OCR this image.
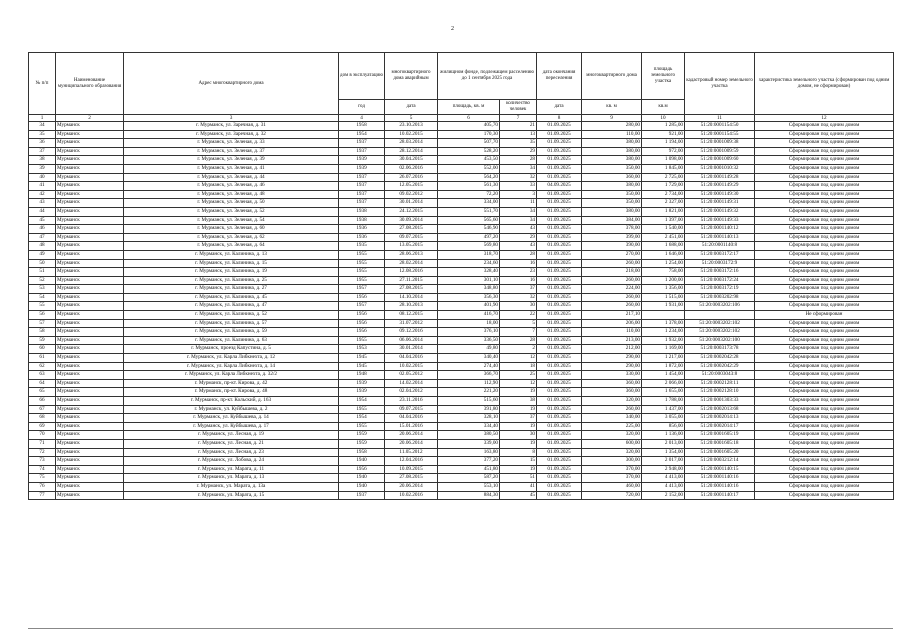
2
№ п/п	Наименование муниципального образования	Адрес многоквартирного дома	дом в эксплуатацию	многоквартирного дома аварийным	жилищном фонде, подлежащем расселению до 1 сентября 2025 года		дата окончания переселения	многоквартирного дома	площадь земельного участка	кадастровый номер земельного участка	характеристика земельного участка (сформирован под одним домом, не сформирован)
			год	дата	площадь, кв. м	количество человек	дата	кв. м	кв.м		
1	2	3	4	5	6	7	8	9	10	11	12
34	Мурманск	г. Мурманск, ул. Заречная, д. 31	1958	23.10.2013	405,70	21	01.09.2025	280,00	1 285,00	51:20:0001154:50	Сформирован под одним домом
35	Мурманск	г. Мурманск, ул. Заречная, д. 32	1954	10.02.2015	170,30	13	01.09.2025	110,00	921,00	51:20:0001154:55	Сформирован под одним домом
36	Мурманск	г. Мурманск, ул. Зеленая, д. 33	1937	28.03.2014	507,70	35	01.09.2025	380,00	1 194,00	51:20:0001009:38	Сформирован под одним домом
37	Мурманск	г. Мурманск, ул. Зеленая, д. 37	1937	28.12.2014	528,20	29	01.09.2025	380,00	972,00	51:20:0001009:59	Сформирован под одним домом
38	Мурманск	г. Мурманск, ул. Зеленая, д. 39	1939	30.04.2015	453,50	28	01.09.2025	380,00	1 098,00	51:20:0001009:60	Сформирован под одним домом
39	Мурманск	г. Мурманск, ул. Зеленая, д. 41	1939	02.06.2016	552,00	34	01.09.2025	350,00	1 845,00	51:20:0001010:32	Сформирован под одним домом
40	Мурманск	г. Мурманск, ул. Зеленая, д. 44	1937	26.07.2016	564,20	32	01.09.2025	360,00	2 725,00	51:20:0001149:28	Сформирован под одним домом
41	Мурманск	г. Мурманск, ул. Зеленая, д. 46	1937	12.05.2015	561,30	33	04.09.2025	380,00	1 729,00	51:20:0001149:29	Сформирован под одним домом
42	Мурманск	г. Мурманск, ул. Зеленая, д. 48	1937	09.02.2012	72,20	3	01.09.2025	350,00	2 734,00	51:20:0001149:30	Сформирован под одним домом
43	Мурманск	г. Мурманск, ул. Зеленая, д. 50	1937	30.01.2014	334,00	11	01.09.2025	350,00	2 327,00	51:20:0001149:31	Сформирован под одним домом
44	Мурманск	г. Мурманск, ул. Зеленая, д. 52	1938	24.12.2015	551,70	34	01.09.2025	380,00	1 821,00	51:20:0001149:32	Сформирован под одним домом
45	Мурманск	г. Мурманск, ул. Зеленая, д. 54	1938	30.09.2014	565,60	34	01.09.2025	384,00	1 397,00	51:20:0001149:33	Сформирован под одним домом
46	Мурманск	г. Мурманск, ул. Зеленая, д. 60	1936	27.08.2015	546,90	43	01.09.2025	378,00	1 540,00	51:20:0001140:12	Сформирован под одним домом
47	Мурманск	г. Мурманск, ул. Зеленая, д. 62	1936	09.07.2015	497,20	29	01.09.2025	399,00	2 451,00	51:20:0001140:13	Сформирован под одним домом
48	Мурманск	г. Мурманск, ул. Зеленая, д. 64	1935	13.05.2015	569,80	43	01.09.2025	390,00	1 688,00	51:20:0001140:8	Сформирован под одним домом
49	Мурманск	г. Мурманск, ул. Калинина, д. 13	1955	28.06.2013	318,70	28	01.09.2025	270,00	1 646,00	51:20:0003172:17	Сформирован под одним домом
50	Мурманск	г. Мурманск, ул. Калинина, д. 15	1955	28.02.2014	234,60	16	01.09.2025	260,00	1 254,00	51:20:0003172:9	Сформирован под одним домом
51	Мурманск	г. Мурманск, ул. Калинина, д. 19	1955	12.08.2016	328,40	23	01.09.2025	218,00	758,00	51:20:0003172:16	Сформирован под одним домом
52	Мурманск	г. Мурманск, ул. Калинина, д. 25	1955	27.11.2015	301,10	16	01.09.2025	260,00	1 200,00	51:20:0003172:24	Сформирован под одним домом
53	Мурманск	г. Мурманск, ул. Калинина, д. 27	1957	27.08.2015	348,80	37	01.09.2025	224,00	1 356,00	51:20:0003172:19	Сформирован под одним домом
54	Мурманск	г. Мурманск, ул. Калинина, д. 45	1956	14.10.2014	356,30	32	01.09.2025	260,00	1 515,00	51:20:0003202:98	Сформирован под одним домом
55	Мурманск	г. Мурманск, ул. Калинина, д. 47	1957	28.10.2013	401,90	30	01.09.2025	260,00	1 931,00	51:20:0003202:106	Сформирован под одним домом
56	Мурманск	г. Мурманск, ул. Калинина, д. 52	1956	08.12.2015	416,70	22	01.09.2025	217,10			Не сформирован
57	Мурманск	г. Мурманск, ул. Калинина, д. 57	1956	31.07.2012	18,00	5	01.09.2025	206,00	1 378,00	51:20:0003202:102	Сформирован под одним домом
58	Мурманск	г. Мурманск, ул. Калинина, д. 59	1956	09.12.2016	376,10	7	01.09.2025	110,00	1 234,00	51:20:0003202:102	Сформирован под одним домом
59	Мурманск	г. Мурманск, ул. Калинина, д. 63	1955	06.06.2014	336,50	28	01.09.2025	213,00	1 932,00	51:20:0003202:100	Сформирован под одним домом
60	Мурманск	г. Мурманск, проезд Капустина, д. 5	1953	30.01.2014	49,80	2	01.09.2025	212,00	1 169,00	51:20:0003173:78	Сформирован под одним домом
61	Мурманск	г. Мурманск, ул. Карла Либкнехта, д. 12	1945	04.04.2016	340,40	12	01.09.2025	290,00	1 217,00	51:20:0002042:28	Сформирован под одним домом
62	Мурманск	г. Мурманск, ул. Карла Либкнехта, д. 14	1945	10.02.2015	274,40	18	01.09.2025	290,00	1 872,00	51:20:0002042:29	Сформирован под одним домом
63	Мурманск	г. Мурманск, ул. Карла Либкнехта, д. 32/2	1948	02.05.2012	366,70	25	01.09.2025	330,00	1 454,00	51:20:0003043:8	Сформирован под одним домом
64	Мурманск	г. Мурманск, пр-кт. Кирова, д. 42	1939	14.02.2014	112,90	12	01.09.2025	360,00	2 066,00	51:20:0002128:11	Сформирован под одним домом
65	Мурманск	г. Мурманск, пр-кт. Кирова, д. 48	1939	02.04.2012	221,20	19	01.09.2025	360,00	1 655,00	51:20:0002128:10	Сформирован под одним домом
66	Мурманск	г. Мурманск, пр-кт. Кольский, д. 163	1954	23.11.2016	515,60	38	01.09.2025	320,00	1 788,00	51:20:0001303:33	Сформирован под одним домом
67	Мурманск	г. Мурманск, ул. Куйбышева, д. 2	1955	09.07.2015	391,80	19	01.09.2025	260,00	1 437,00	51:20:0002013:68	Сформирован под одним домом
68	Мурманск	г. Мурманск, ул. Куйбышева, д. 14	1954	04.04.2016	328,10	37	01.09.2025	340,00	3 055,00	51:20:0002014:13	Сформирован под одним домом
69	Мурманск	г. Мурманск, ул. Куйбышева, д. 17	1955	15.01.2016	334,40	19	01.09.2025	225,00	856,00	51:20:0002014:17	Сформирован под одним домом
70	Мурманск	г. Мурманск, ул. Лесная, д. 19	1959	20.06.2014	380,50	30	01.09.2025	320,00	1 136,00	51:20:0001605:19	Сформирован под одним домом
71	Мурманск	г. Мурманск, ул. Лесная, д. 21	1959	20.06.2014	339,00	19	01.09.2025	600,00	2 013,00	51:20:0001605:18	Сформирован под одним домом
72	Мурманск	г. Мурманск, ул. Лесная, д. 23	1958	11.05.2012	163,80	8	01.09.2025	320,00	1 354,00	51:20:0001605:20	Сформирован под одним домом
73	Мурманск	г. Мурманск, ул. Лобова, д. 24	1940	12.04.2016	377,20	15	01.09.2025	300,00	2 017,00	51:20:0003212:14	Сформирован под одним домом
74	Мурманск	г. Мурманск, ул. Марата, д. 11	1956	10.09.2015	451,80	19	01.09.2025	370,00	2 948,00	51:20:0001140:15	Сформирован под одним домом
75	Мурманск	г. Мурманск, ул. Марата, д. 13	1940	27.08.2015	587,20	51	01.09.2025	370,00	4 413,00	51:20:0001140:16	Сформирован под одним домом
76	Мурманск	г. Мурманск, ул. Марата, д. 13а	1940	20.06.2014	553,10	41	01.09.2025	460,00	4 413,00	51:20:0001140:16	Сформирован под одним домом
77	Мурманск	г. Мурманск, ул. Марата, д. 15	1937	10.02.2016	884,30	45	01.09.2025	720,00	2 152,00	51:20:0001140:17	Сформирован под одним домом
